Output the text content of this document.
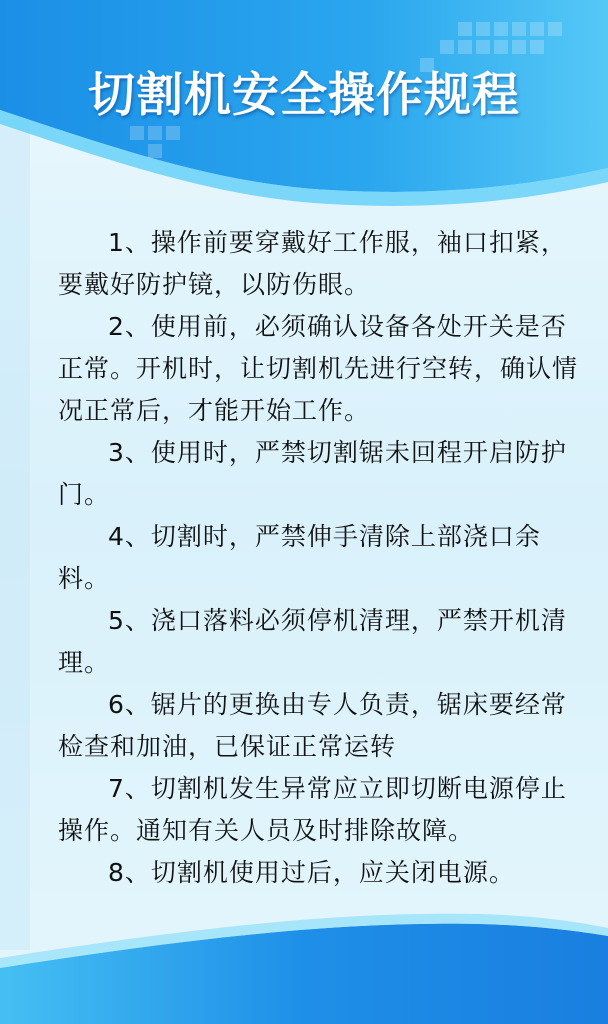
切割机安全操作规程

1、操作前要穿戴好工作服，袖口扣紧，要戴好防护镜，以防伤眼。

2、使用前，必须确认设备各处开关是否正常。开机时，让切割机先进行空转，确认情况正常后，才能开始工作。

3、使用时，严禁切割锯未回程开启防护门。

4、切割时，严禁伸手清除上部浇口余料。

5、浇口落料必须停机清理，严禁开机清理。

6、锯片的更换由专人负责，锯床要经常检查和加油，已保证正常运转

7、切割机发生异常应立即切断电源停止操作。通知有关人员及时排除故障。

8、切割机使用过后，应关闭电源。
